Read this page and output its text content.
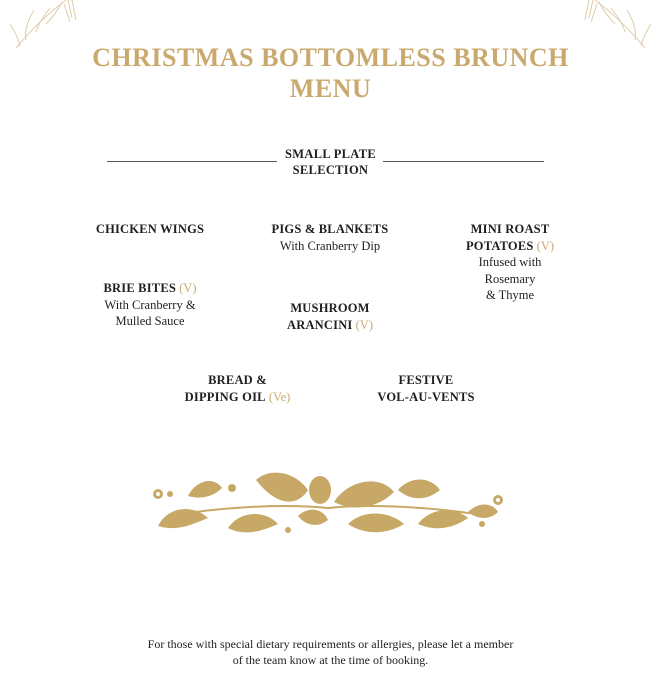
CHRISTMAS BOTTOMLESS BRUNCH
MENU
SMALL PLATE
SELECTION
CHICKEN WINGS	PIGS & BLANKETS
With Cranberry Dip
MINI ROAST
POTATOES (V)
Infused with
Rosemary
& Thyme
BRIE BITES (V)
With Cranberry &
Mulled Sauce
MUSHROOM
ARANCINI (V)
BREAD &
DIPPING OIL (Ve)
FESTIVE
VOL-AU-VENTS
For those with special dietary requirements or allergies, please let a member
of the team know at the time of booking.
